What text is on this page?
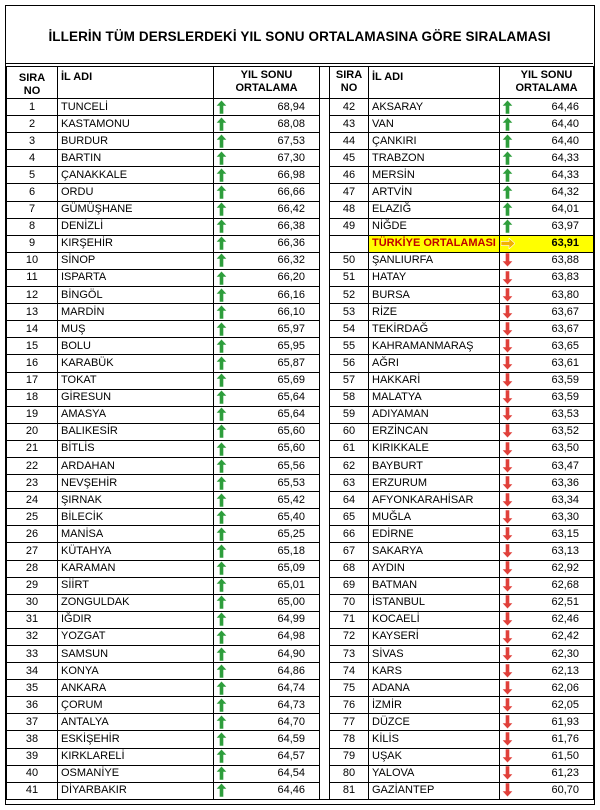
İLLERİN TÜM DERSLERDEKİ YIL SONU ORTALAMASINA GÖRE SIRALAMASI
SIRA NO	İL ADI	YIL SONU ORTALAMA			SIRA NO	İL ADI	YIL SONU ORTALAMA	
1	TUNCELİ		68,94		42	AKSARAY		64,46
2	KASTAMONU		68,08		43	VAN		64,40
3	BURDUR		67,53		44	ÇANKIRI		64,40
4	BARTIN		67,30		45	TRABZON		64,33
5	ÇANAKKALE		66,98		46	MERSİN		64,33
6	ORDU		66,66		47	ARTVİN		64,32
7	GÜMÜŞHANE		66,42		48	ELAZIĞ		64,01
8	DENİZLİ		66,38		49	NİĞDE		63,97
9	KIRŞEHİR		66,36			TÜRKİYE ORTALAMASI		63,91
10	SİNOP		66,32		50	ŞANLIURFA		63,88
11	ISPARTA		66,20		51	HATAY		63,83
12	BİNGÖL		66,16		52	BURSA		63,80
13	MARDİN		66,10		53	RİZE		63,67
14	MUŞ		65,97		54	TEKİRDAĞ		63,67
15	BOLU		65,95		55	KAHRAMANMARAŞ		63,65
16	KARABÜK		65,87		56	AĞRI		63,61
17	TOKAT		65,69		57	HAKKARİ		63,59
18	GİRESUN		65,64		58	MALATYA		63,59
19	AMASYA		65,64		59	ADIYAMAN		63,53
20	BALIKESİR		65,60		60	ERZİNCAN		63,52
21	BİTLİS		65,60		61	KIRIKKALE		63,50
22	ARDAHAN		65,56		62	BAYBURT		63,47
23	NEVŞEHİR		65,53		63	ERZURUM		63,36
24	ŞIRNAK		65,42		64	AFYONKARAHİSAR		63,34
25	BİLECİK		65,40		65	MUĞLA		63,30
26	MANİSA		65,25		66	EDİRNE		63,15
27	KÜTAHYA		65,18		67	SAKARYA		63,13
28	KARAMAN		65,09		68	AYDIN		62,92
29	SİİRT		65,01		69	BATMAN		62,68
30	ZONGULDAK		65,00		70	İSTANBUL		62,51
31	IĞDIR		64,99		71	KOCAELİ		62,46
32	YOZGAT		64,98		72	KAYSERİ		62,42
33	SAMSUN		64,90		73	SİVAS		62,30
34	KONYA		64,86		74	KARS		62,13
35	ANKARA		64,74		75	ADANA		62,06
36	ÇORUM		64,73		76	İZMİR		62,05
37	ANTALYA		64,70		77	DÜZCE		61,93
38	ESKİŞEHİR		64,59		78	KİLİS		61,76
39	KIRKLARELİ		64,57		79	UŞAK		61,50
40	OSMANİYE		64,54		80	YALOVA		61,23
41	DİYARBAKIR		64,46		81	GAZİANTEP		60,70
